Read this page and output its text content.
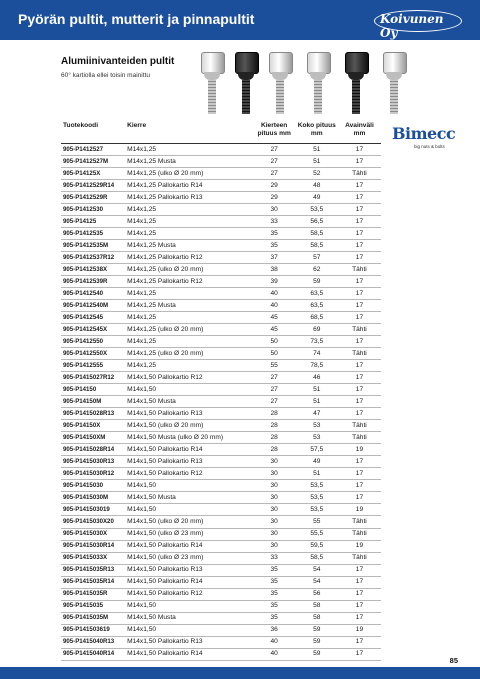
Pyörän pultit, mutterit ja pinnapultit	Koivunen Oy
Alumiinivanteiden pultit
60° kartiolla ellei toisin mainittu
Bimecc
big nuts & bolts
Tuotekoodi	Kierre	Kierteen pituus mm	Koko pituus mm	Avainväli mm
905-P1412527	M14x1,25	27	51	17
905-P1412527M	M14x1,25 Musta	27	51	17
905-P14125X	M14x1,25 (ulko Ø 20 mm)	27	52	Tähti
905-P1412529R14	M14x1,25 Pallokartio R14	29	48	17
905-P1412529R	M14x1,25 Pallokartio R13	29	49	17
905-P1412530	M14x1,25	30	53,5	17
905-P14125	M14x1,25	33	56,5	17
905-P1412535	M14x1,25	35	58,5	17
905-P1412535M	M14x1,25 Musta	35	58,5	17
905-P1412537R12	M14x1,25 Pallokartio R12	37	57	17
905-P1412538X	M14x1,25 (ulko Ø 20 mm)	38	62	Tähti
905-P1412539R	M14x1,25 Pallokartio R12	39	59	17
905-P1412540	M14x1,25	40	63,5	17
905-P1412540M	M14x1,25 Musta	40	63,5	17
905-P1412545	M14x1,25	45	68,5	17
905-P1412545X	M14x1,25 (ulko Ø 20 mm)	45	69	Tähti
905-P1412550	M14x1,25	50	73,5	17
905-P1412550X	M14x1,25 (ulko Ø 20 mm)	50	74	Tähti
905-P1412555	M14x1,25	55	78,5	17
905-P1415027R12	M14x1,50 Pallokartio R12	27	46	17
905-P14150	M14x1,50	27	51	17
905-P14150M	M14x1,50 Musta	27	51	17
905-P1415028R13	M14x1,50 Pallokartio R13	28	47	17
905-P14150X	M14x1,50 (ulko Ø 20 mm)	28	53	Tähti
905-P14150XM	M14x1,50 Musta (ulko Ø 20 mm)	28	53	Tähti
905-P1415028R14	M14x1,50 Pallokartio R14	28	57,5	19
905-P1415030R13	M14x1,50 Pallokartio R13	30	49	17
905-P1415030R12	M14x1,50 Pallokartio R12	30	51	17
905-P1415030	M14x1,50	30	53,5	17
905-P1415030M	M14x1,50 Musta	30	53,5	17
905-P141503019	M14x1,50	30	53,5	19
905-P1415030X20	M14x1,50 (ulko Ø 20 mm)	30	55	Tähti
905-P1415030X	M14x1,50 (ulko Ø 23 mm)	30	55,5	Tähti
905-P1415030R14	M14x1,50 Pallokartio R14	30	59,5	19
905-P1415033X	M14x1,50 (ulko Ø 23 mm)	33	58,5	Tähti
905-P1415035R13	M14x1,50 Pallokartio R13	35	54	17
905-P1415035R14	M14x1,50 Pallokartio R14	35	54	17
905-P1415035R	M14x1,50 Pallokartio R12	35	56	17
905-P1415035	M14x1,50	35	58	17
905-P1415035M	M14x1,50 Musta	35	58	17
905-P141503619	M14x1,50	36	59	19
905-P1415040R13	M14x1,50 Pallokartio R13	40	59	17
905-P1415040R14	M14x1,50 Pallokartio R14	40	59	17
85
